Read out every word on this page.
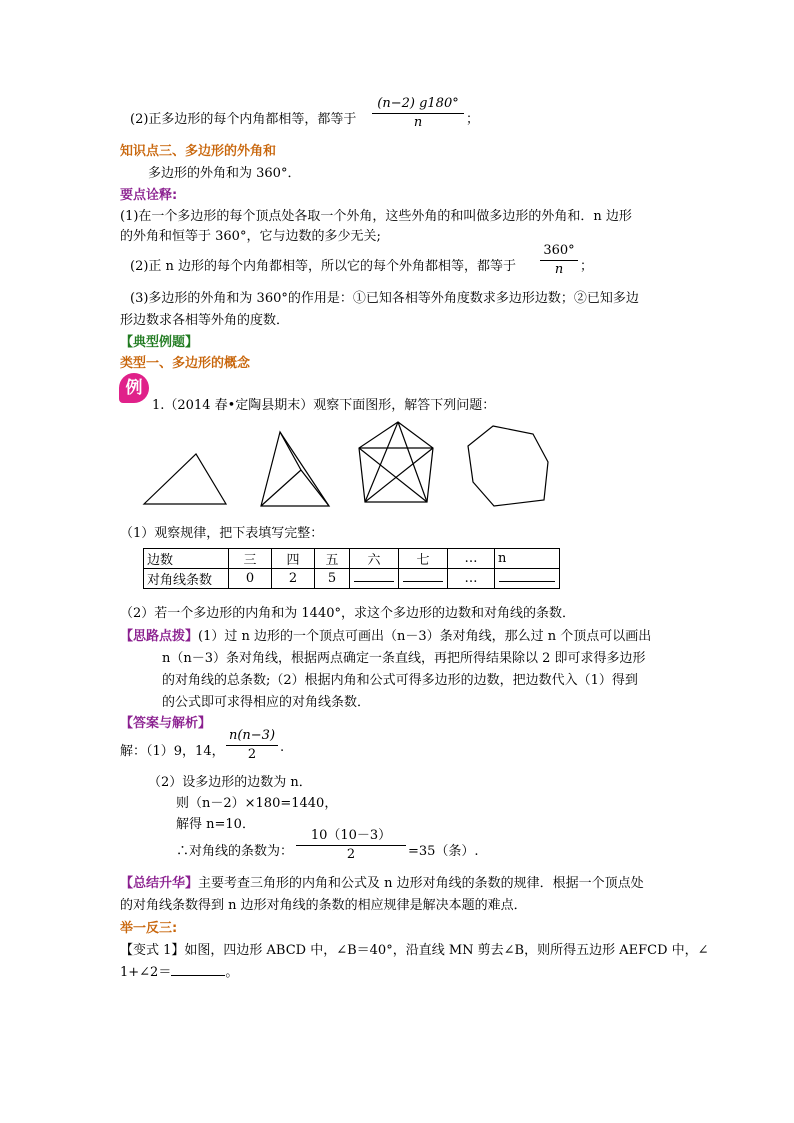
(2)正多边形的每个内角都相等，都等于
(n−2) g180°
n	；
知识点三、多边形的外角和
多边形的外角和为 360°．
要点诠释:
(1)在一个多边形的每个顶点处各取一个外角，这些外角的和叫做多边形的外角和．n 边形
的外角和恒等于 360°，它与边数的多少无关;
(2)正 n 边形的每个内角都相等，所以它的每个外角都相等，都等于
360°
n	；
(3)多边形的外角和为 360°的作用是：①已知各相等外角度数求多边形边数；②已知多边
形边数求各相等外角的度数．
【典型例题】
类型一、多边形的概念
例
1.（2014 春•定陶县期末）观察下面图形，解答下列问题：
（1）观察规律，把下表填写完整：
边数	三	四	五	六	七	…	n
对角线条数	0	2	5			…	
（2）若一个多边形的内角和为 1440°，求这个多边形的边数和对角线的条数．
【思路点拨】(1）过 n 边形的一个顶点可画出（n－3）条对角线，那么过 n 个顶点可以画出
n（n－3）条对角线，根据两点确定一条直线，再把所得结果除以 2 即可求得多边形
的对角线的总条数;（2）根据内角和公式可得多边形的边数，把边数代入（1）得到
的公式即可求得相应的对角线条数．
【答案与解析】
解：（1）9，14，
n(n−3)
2	.
（2）设多边形的边数为 n．
则（n－2）×180=1440，
解得 n=10．
∴对角线的条数为：
10（10－3）
2	=35（条）.
【总结升华】主要考查三角形的内角和公式及 n 边形对角线的条数的规律．根据一个顶点处
的对角线条数得到 n 边形对角线的条数的相应规律是解决本题的难点．
举一反三:
【变式 1】如图，四边形 ABCD 中，∠B＝40°，沿直线 MN 剪去∠B，则所得五边形 AEFCD 中，∠
1+∠2＝	。
